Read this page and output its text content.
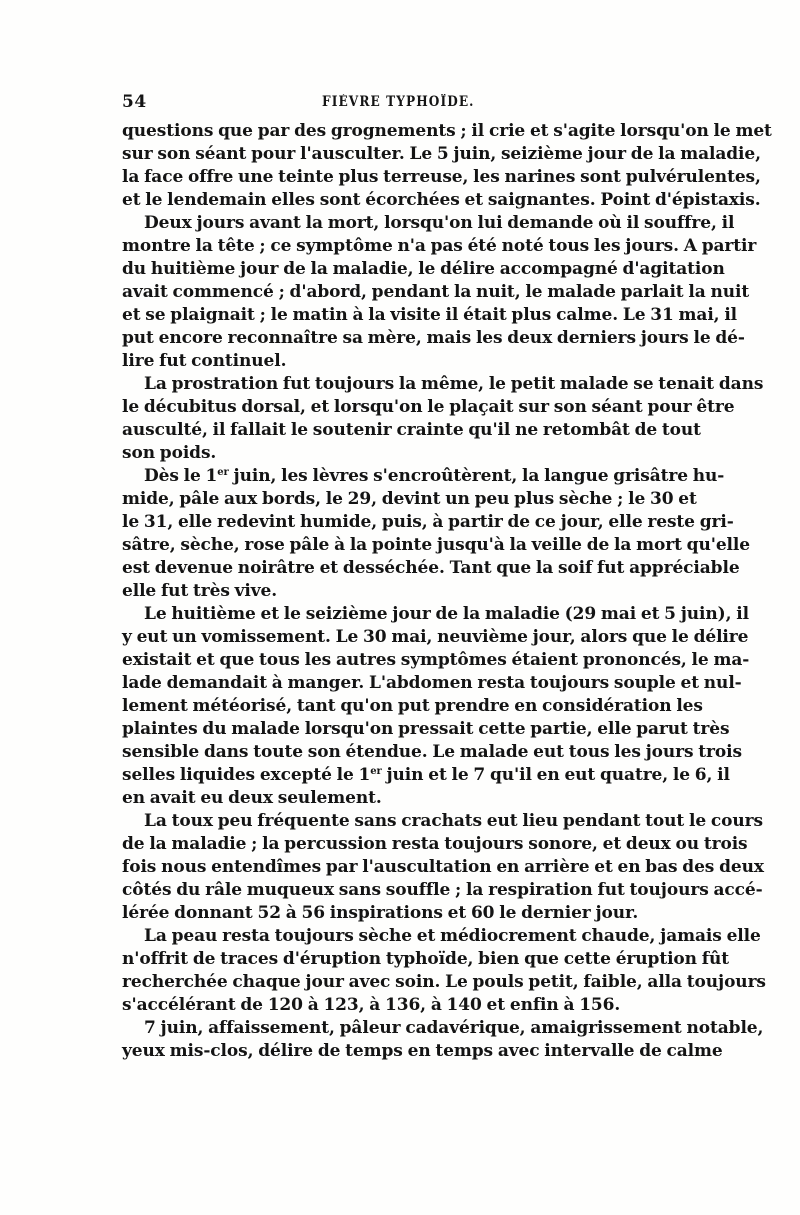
54	FIÈVRE TYPHOÏDE.
questions que par des grognements ; il crie et s'agite lorsqu'on le met
sur son séant pour l'ausculter. Le 5 juin, seizième jour de la maladie,
la face offre une teinte plus terreuse, les narines sont pulvérulentes,
et le lendemain elles sont écorchées et saignantes. Point d'épistaxis.
Deux jours avant la mort, lorsqu'on lui demande où il souffre, il
montre la tête ; ce symptôme n'a pas été noté tous les jours. A partir
du huitième jour de la maladie, le délire accompagné d'agitation
avait commencé ; d'abord, pendant la nuit, le malade parlait la nuit
et se plaignait ; le matin à la visite il était plus calme. Le 31 mai, il
put encore reconnaître sa mère, mais les deux derniers jours le dé-
lire fut continuel.
La prostration fut toujours la même, le petit malade se tenait dans
le décubitus dorsal, et lorsqu'on le plaçait sur son séant pour être
ausculté, il fallait le soutenir crainte qu'il ne retombât de tout
son poids.
Dès le 1er juin, les lèvres s'encroûtèrent, la langue grisâtre hu-
mide, pâle aux bords, le 29, devint un peu plus sèche ; le 30 et
le 31, elle redevint humide, puis, à partir de ce jour, elle reste gri-
sâtre, sèche, rose pâle à la pointe jusqu'à la veille de la mort qu'elle
est devenue noirâtre et desséchée. Tant que la soif fut appréciable
elle fut très vive.
Le huitième et le seizième jour de la maladie (29 mai et 5 juin), il
y eut un vomissement. Le 30 mai, neuvième jour, alors que le délire
existait et que tous les autres symptômes étaient prononcés, le ma-
lade demandait à manger. L'abdomen resta toujours souple et nul-
lement météorisé, tant qu'on put prendre en considération les
plaintes du malade lorsqu'on pressait cette partie, elle parut très
sensible dans toute son étendue. Le malade eut tous les jours trois
selles liquides excepté le 1er juin et le 7 qu'il en eut quatre, le 6, il
en avait eu deux seulement.
La toux peu fréquente sans crachats eut lieu pendant tout le cours
de la maladie ; la percussion resta toujours sonore, et deux ou trois
fois nous entendîmes par l'auscultation en arrière et en bas des deux
côtés du râle muqueux sans souffle ; la respiration fut toujours accé-
lérée donnant 52 à 56 inspirations et 60 le dernier jour.
La peau resta toujours sèche et médiocrement chaude, jamais elle
n'offrit de traces d'éruption typhoïde, bien que cette éruption fût
recherchée chaque jour avec soin. Le pouls petit, faible, alla toujours
s'accélérant de 120 à 123, à 136, à 140 et enfin à 156.
7 juin, affaissement, pâleur cadavérique, amaigrissement notable,
yeux mis-clos, délire de temps en temps avec intervalle de calme
